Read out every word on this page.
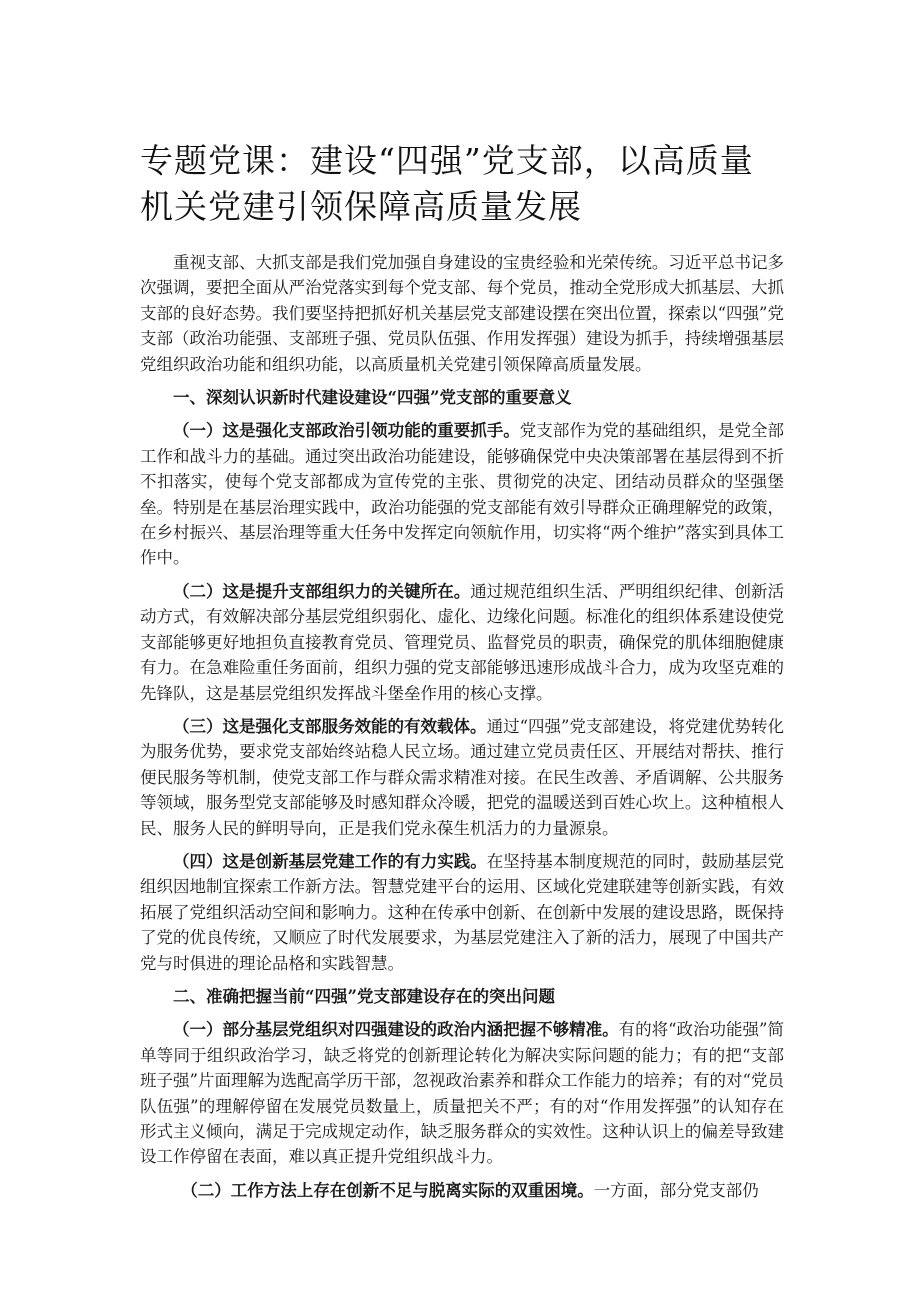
专题党课：建设“四强”党支部，以高质量机关党建引领保障高质量发展

重视支部、大抓支部是我们党加强自身建设的宝贵经验和光荣传统。习近平总书记多次强调，要把全面从严治党落实到每个党支部、每个党员，推动全党形成大抓基层、大抓支部的良好态势。我们要坚持把抓好机关基层党支部建设摆在突出位置，探索以“四强”党支部（政治功能强、支部班子强、党员队伍强、作用发挥强）建设为抓手，持续增强基层党组织政治功能和组织功能，以高质量机关党建引领保障高质量发展。

一、深刻认识新时代建设建设“四强”党支部的重要意义

（一）这是强化支部政治引领功能的重要抓手。党支部作为党的基础组织，是党全部工作和战斗力的基础。通过突出政治功能建设，能够确保党中央决策部署在基层得到不折不扣落实，使每个党支部都成为宣传党的主张、贯彻党的决定、团结动员群众的坚强堡垒。特别是在基层治理实践中，政治功能强的党支部能有效引导群众正确理解党的政策，在乡村振兴、基层治理等重大任务中发挥定向领航作用，切实将“两个维护”落实到具体工作中。

（二）这是提升支部组织力的关键所在。通过规范组织生活、严明组织纪律、创新活动方式，有效解决部分基层党组织弱化、虚化、边缘化问题。标准化的组织体系建设使党支部能够更好地担负直接教育党员、管理党员、监督党员的职责，确保党的肌体细胞健康有力。在急难险重任务面前，组织力强的党支部能够迅速形成战斗合力，成为攻坚克难的先锋队，这是基层党组织发挥战斗堡垒作用的核心支撑。

（三）这是强化支部服务效能的有效载体。通过“四强”党支部建设，将党建优势转化为服务优势，要求党支部始终站稳人民立场。通过建立党员责任区、开展结对帮扶、推行便民服务等机制，使党支部工作与群众需求精准对接。在民生改善、矛盾调解、公共服务等领域，服务型党支部能够及时感知群众冷暖，把党的温暖送到百姓心坎上。这种植根人民、服务人民的鲜明导向，正是我们党永葆生机活力的力量源泉。

（四）这是创新基层党建工作的有力实践。在坚持基本制度规范的同时，鼓励基层党组织因地制宜探索工作新方法。智慧党建平台的运用、区域化党建联建等创新实践，有效拓展了党组织活动空间和影响力。这种在传承中创新、在创新中发展的建设思路，既保持了党的优良传统，又顺应了时代发展要求，为基层党建注入了新的活力，展现了中国共产党与时俱进的理论品格和实践智慧。

二、准确把握当前“四强”党支部建设存在的突出问题

（一）部分基层党组织对四强建设的政治内涵把握不够精准。有的将“政治功能强”简单等同于组织政治学习，缺乏将党的创新理论转化为解决实际问题的能力；有的把“支部班子强”片面理解为选配高学历干部，忽视政治素养和群众工作能力的培养；有的对“党员队伍强”的理解停留在发展党员数量上，质量把关不严；有的对“作用发挥强”的认知存在形式主义倾向，满足于完成规定动作，缺乏服务群众的实效性。这种认识上的偏差导致建设工作停留在表面，难以真正提升党组织战斗力。

（二）工作方法上存在创新不足与脱离实际的双重困境。一方面，部分党支部仍
